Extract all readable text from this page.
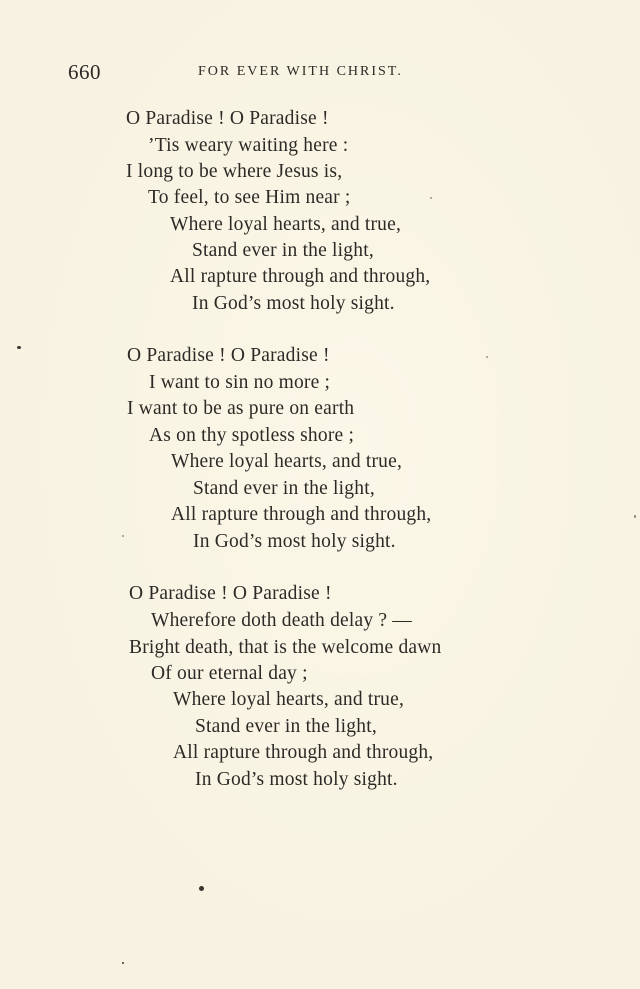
660	FOR EVER WITH CHRIST.
O Paradise ! O Paradise !
’Tis weary waiting here :
I long to be where Jesus is,
To feel, to see Him near ;
Where loyal hearts, and true,
Stand ever in the light,
All rapture through and through,
In God’s most holy sight.
O Paradise ! O Paradise !
I want to sin no more ;
I want to be as pure on earth
As on thy spotless shore ;
Where loyal hearts, and true,
Stand ever in the light,
All rapture through and through,
In God’s most holy sight.
O Paradise ! O Paradise !
Wherefore doth death delay ? —
Bright death, that is the welcome dawn
Of our eternal day ;
Where loyal hearts, and true,
Stand ever in the light,
All rapture through and through,
In God’s most holy sight.
